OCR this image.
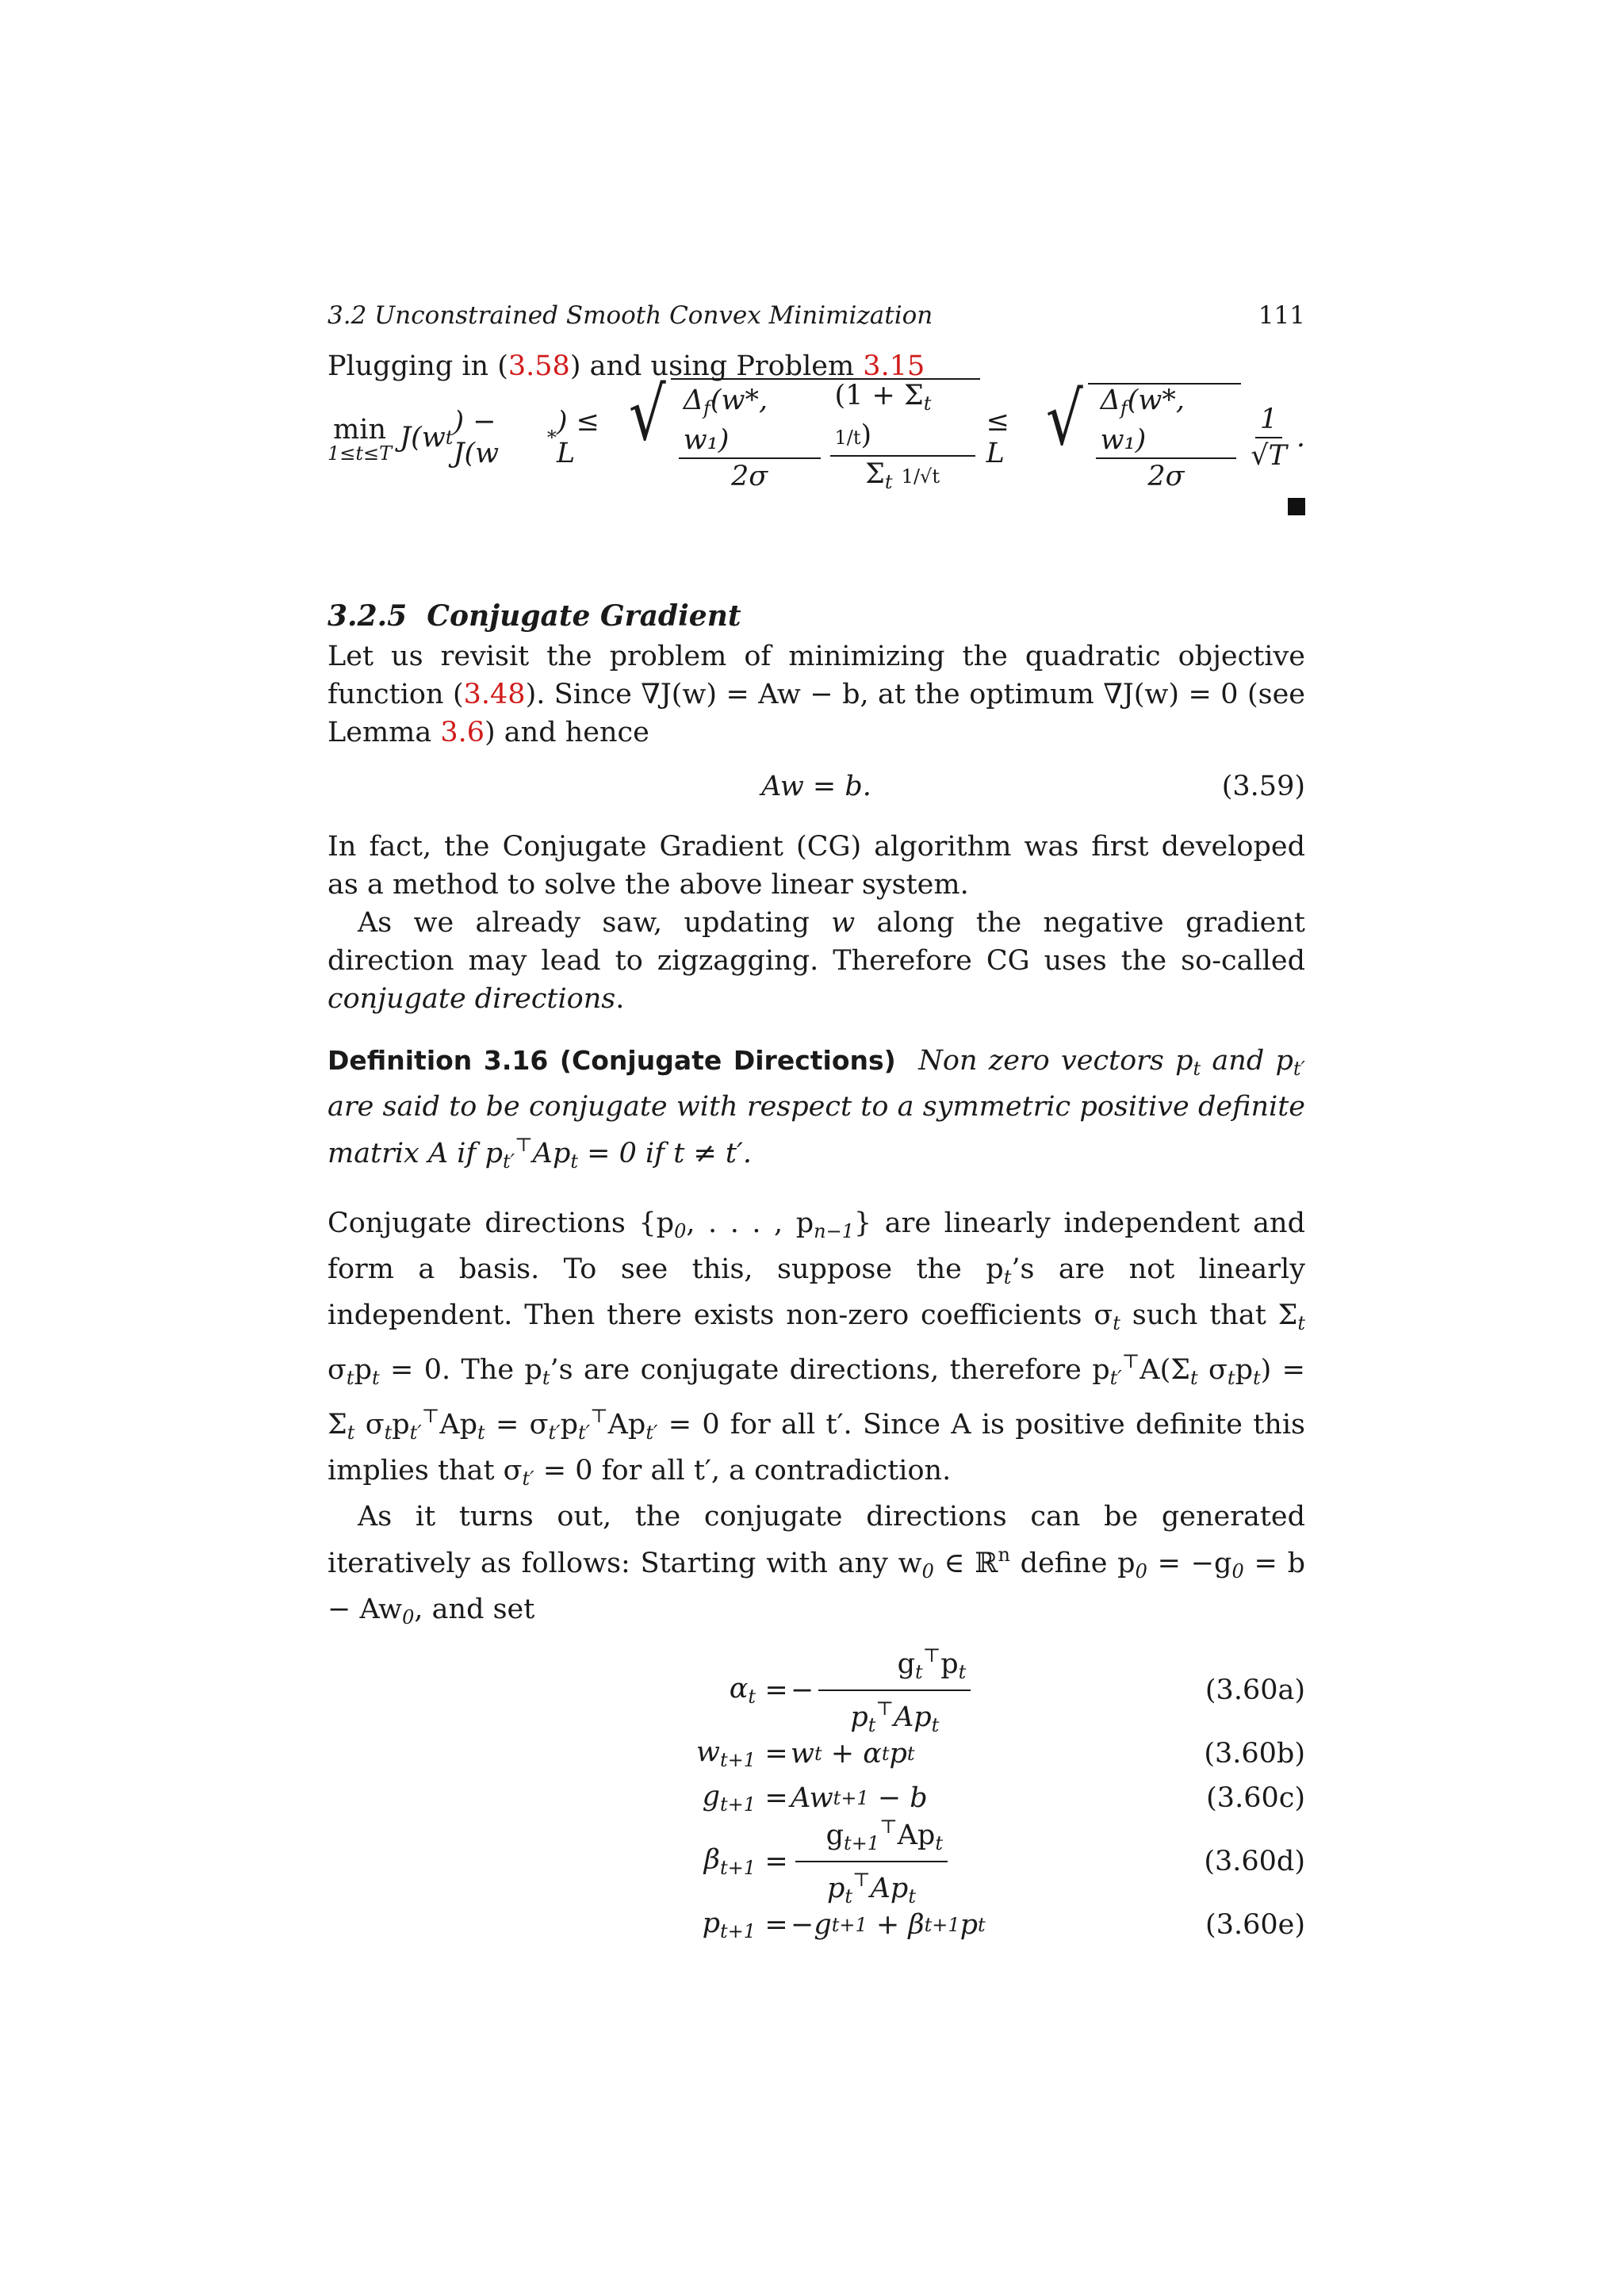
3.2 Unconstrained Smooth Convex Minimization	111
Plugging in (3.58) and using Problem 3.15
min
1≤t≤T J(w t ) − J(w	* ) ≤ L √ $\frac{\Delta_f(w*, w_1)}{2\sigma} \frac{(1 + \Sigma_t 1/t)}{\Sigma_t 1/√t} \le L$ √ $\frac{\Delta_f(w*, w_1)}{2\sigma} \frac{1}{√T}$ .
3.2.5 Conjugate Gradient
Let us revisit the problem of minimizing the quadratic objective function (3.48). Since ∇J(w) = Aw − b, at the optimum ∇J(w) = 0 (see Lemma 3.6) and hence
Aw = b.	(3.59)
In fact, the Conjugate Gradient (CG) algorithm was first developed as a method to solve the above linear system.
As we already saw, updating w along the negative gradient direction may lead to zigzagging. Therefore CG uses the so-called conjugate directions.
Definition 3.16 (Conjugate Directions) Non zero vectors $p_t$ and $p_{t'}$ are said to be conjugate with respect to a symmetric positive definite matrix A if $p_{t'}^⊤Ap_t = 0$ if t ≠ t′.
Conjugate directions {$p_0$, . . . , $p_{n-1}$} are linearly independent and form a basis. To see this, suppose the $p_t’s$ are not linearly independent. Then there exists non-zero coefficients $\sigma_t$ such that $\Sigma_t$ $\sigma_tp_t = 0$. The $p_t’s$ are conjugate directions, therefore $p_{t'}^⊤A(\Sigma_t$ $\sigma_tp_t) = \Sigma_t$ $\sigma_tp_{t'}^⊤Ap_t = \sigma_{t'}p_{t'}^⊤Ap_{t'} = 0$ for all t′. Since A is positive definite this implies that $\sigma_{t'} = 0$ for all t′, a contradiction.
As it turns out, the conjugate directions can be generated iteratively as follows: Starting with any $w_0$ ∈ ℝ$^n$ define $p_0 = -g_0 = b - Aw_0$, and set
$\alpha_t$ = − $\frac{g_t^⊤p_t}{p_t^⊤Ap_t}$	(3.60a)
$w_{t+1} = w$ t + α t p t	(3.60b)
$g_{t+1} = Aw$ t+1 − b	(3.60c)
$\beta_{t+1} = \frac{g_{t+1}^⊤Ap_t}{p_t^⊤Ap_t}$	(3.60d)
$p_{t+1} = -g$ t+1 + β t+1 p t	(3.60e)
